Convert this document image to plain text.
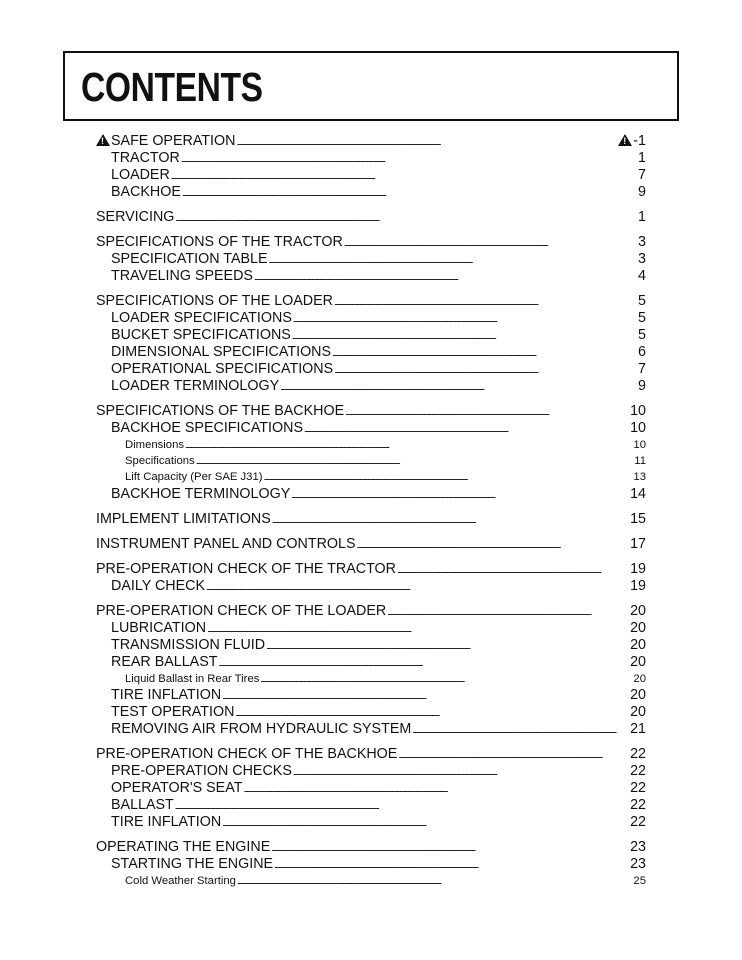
CONTENTS
!SAFE OPERATION . . . !	-1
TRACTOR . . .	1
LOADER . . .	7
BACKHOE . . .	9
SERVICING . . .	1
SPECIFICATIONS OF THE TRACTOR . . .	3
SPECIFICATION TABLE . . .	3
TRAVELING SPEEDS . . .	4
SPECIFICATIONS OF THE LOADER . . .	5
LOADER SPECIFICATIONS . . .	5
BUCKET SPECIFICATIONS . . .	5
DIMENSIONAL SPECIFICATIONS . . .	6
OPERATIONAL SPECIFICATIONS . . .	7
LOADER TERMINOLOGY . . .	9
SPECIFICATIONS OF THE BACKHOE . . .	10
BACKHOE SPECIFICATIONS . . .	10
Dimensions . . .	10
Specifications . . .	11
Lift Capacity (Per SAE J31) . . .	13
BACKHOE TERMINOLOGY . . .	14
IMPLEMENT LIMITATIONS . . .	15
INSTRUMENT PANEL AND CONTROLS . . .	17
PRE-OPERATION CHECK OF THE TRACTOR . . .	19
DAILY CHECK . . .	19
PRE-OPERATION CHECK OF THE LOADER . . .	20
LUBRICATION . . .	20
TRANSMISSION FLUID . . .	20
REAR BALLAST . . .	20
Liquid Ballast in Rear Tires . . .	20
TIRE INFLATION . . .	20
TEST OPERATION . . .	20
REMOVING AIR FROM HYDRAULIC SYSTEM . . .	21
PRE-OPERATION CHECK OF THE BACKHOE . . .	22
PRE-OPERATION CHECKS . . .	22
OPERATOR'S SEAT . . .	22
BALLAST . . .	22
TIRE INFLATION . . .	22
OPERATING THE ENGINE . . .	23
STARTING THE ENGINE . . .	23
Cold Weather Starting . . .	25
